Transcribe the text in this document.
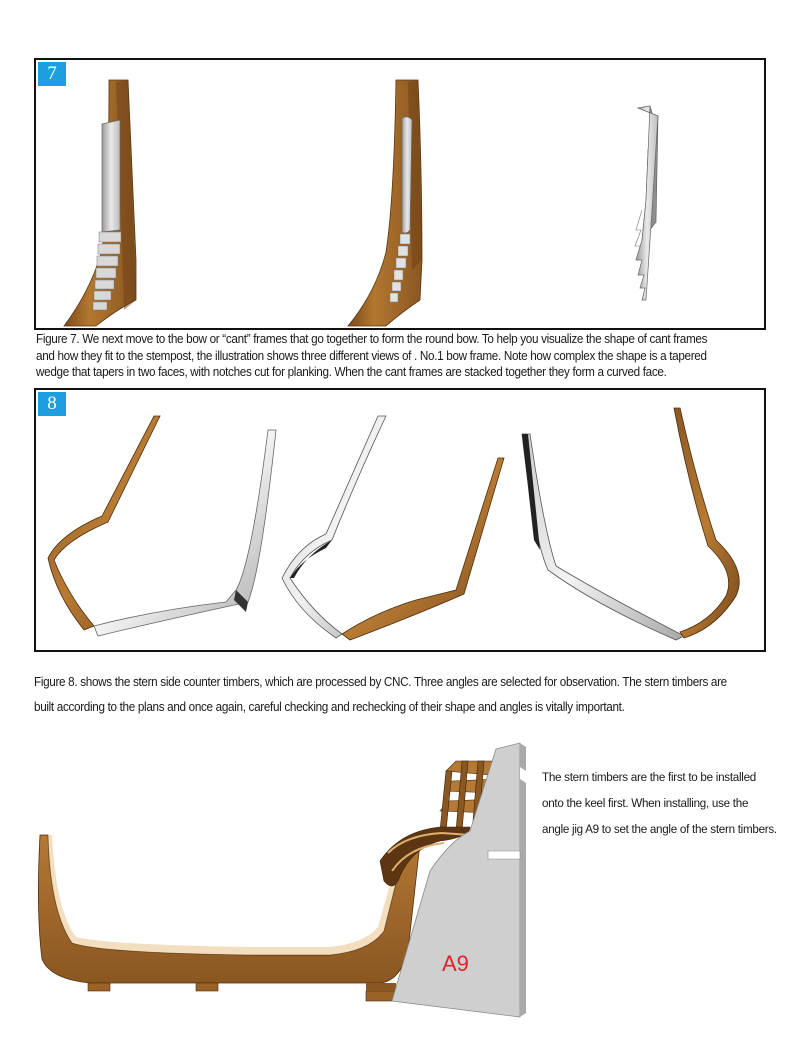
7

Figure 7. We next move to the bow or “cant” frames that go together to form the round bow. To help you visualize the shape of cant frames

and how they fit to the stempost, the illustration shows three different views of . No.1 bow frame. Note how complex the shape is a tapered

wedge that tapers in two faces, with notches cut for planking. When the cant frames are stacked together they form a curved face.

8

Figure 8. shows the stern side counter timbers, which are processed by CNC. Three angles are selected for observation. The stern timbers are

built according to the plans and once again, careful checking and rechecking of their shape and angles is vitally important.

A9

The stern timbers are the first to be installed

onto the keel first. When installing, use the

angle jig A9 to set the angle of the stern timbers.
